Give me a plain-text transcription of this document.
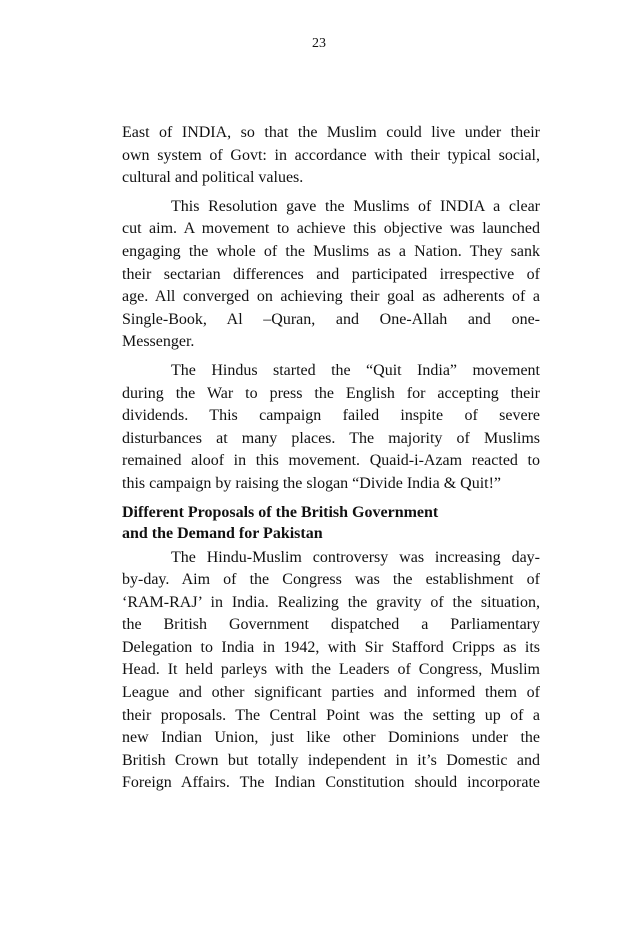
23

East of INDIA, so that the Muslim could live under their
own system of Govt: in accordance with their typical social,
cultural and political values.

This Resolution gave the Muslims of INDIA a clear
cut aim. A movement to achieve this objective was launched
engaging the whole of the Muslims as a Nation. They sank
their sectarian differences and participated irrespective of
age. All converged on achieving their goal as adherents of a
Single-Book, Al –Quran, and One-Allah and one-
Messenger.

The Hindus started the “Quit India” movement
during the War to press the English for accepting their
dividends. This campaign failed inspite of severe
disturbances at many places. The majority of Muslims
remained aloof in this movement. Quaid-i-Azam reacted to
this campaign by raising the slogan “Divide India & Quit!”

Different Proposals of the British Government
and the Demand for Pakistan

The Hindu-Muslim controversy was increasing day-
by-day. Aim of the Congress was the establishment of
‘RAM-RAJ’ in India. Realizing the gravity of the situation,
the British Government dispatched a Parliamentary
Delegation to India in 1942, with Sir Stafford Cripps as its
Head. It held parleys with the Leaders of Congress, Muslim
League and other significant parties and informed them of
their proposals. The Central Point was the setting up of a
new Indian Union, just like other Dominions under the
British Crown but totally independent in it’s Domestic and
Foreign Affairs. The Indian Constitution should incorporate
